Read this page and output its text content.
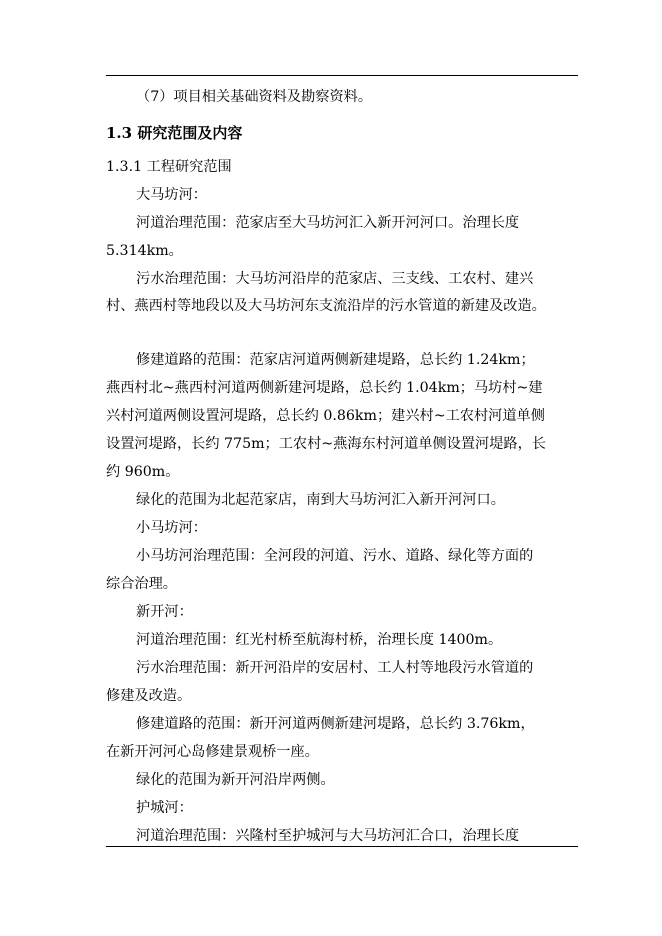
（7）项目相关基础资料及勘察资料。
1.3 研究范围及内容
1.3.1 工程研究范围
大马坊河：
河道治理范围：范家店至大马坊河汇入新开河河口。治理长度
5.314km。
污水治理范围：大马坊河沿岸的范家店、三支线、工农村、建兴
村、燕西村等地段以及大马坊河东支流沿岸的污水管道的新建及改造。
修建道路的范围：范家店河道两侧新建堤路，总长约 1.24km；
燕西村北~燕西村河道两侧新建河堤路，总长约 1.04km；马坊村~建
兴村河道两侧设置河堤路，总长约 0.86km；建兴村~工农村河道单侧
设置河堤路，长约 775m；工农村~燕海东村河道单侧设置河堤路，长
约 960m。
绿化的范围为北起范家店，南到大马坊河汇入新开河河口。
小马坊河：
小马坊河治理范围：全河段的河道、污水、道路、绿化等方面的
综合治理。
新开河：
河道治理范围：红光村桥至航海村桥，治理长度 1400m。
污水治理范围：新开河沿岸的安居村、工人村等地段污水管道的
修建及改造。
修建道路的范围：新开河道两侧新建河堤路，总长约 3.76km，
在新开河河心岛修建景观桥一座。
绿化的范围为新开河沿岸两侧。
护城河：
河道治理范围：兴隆村至护城河与大马坊河汇合口，治理长度
